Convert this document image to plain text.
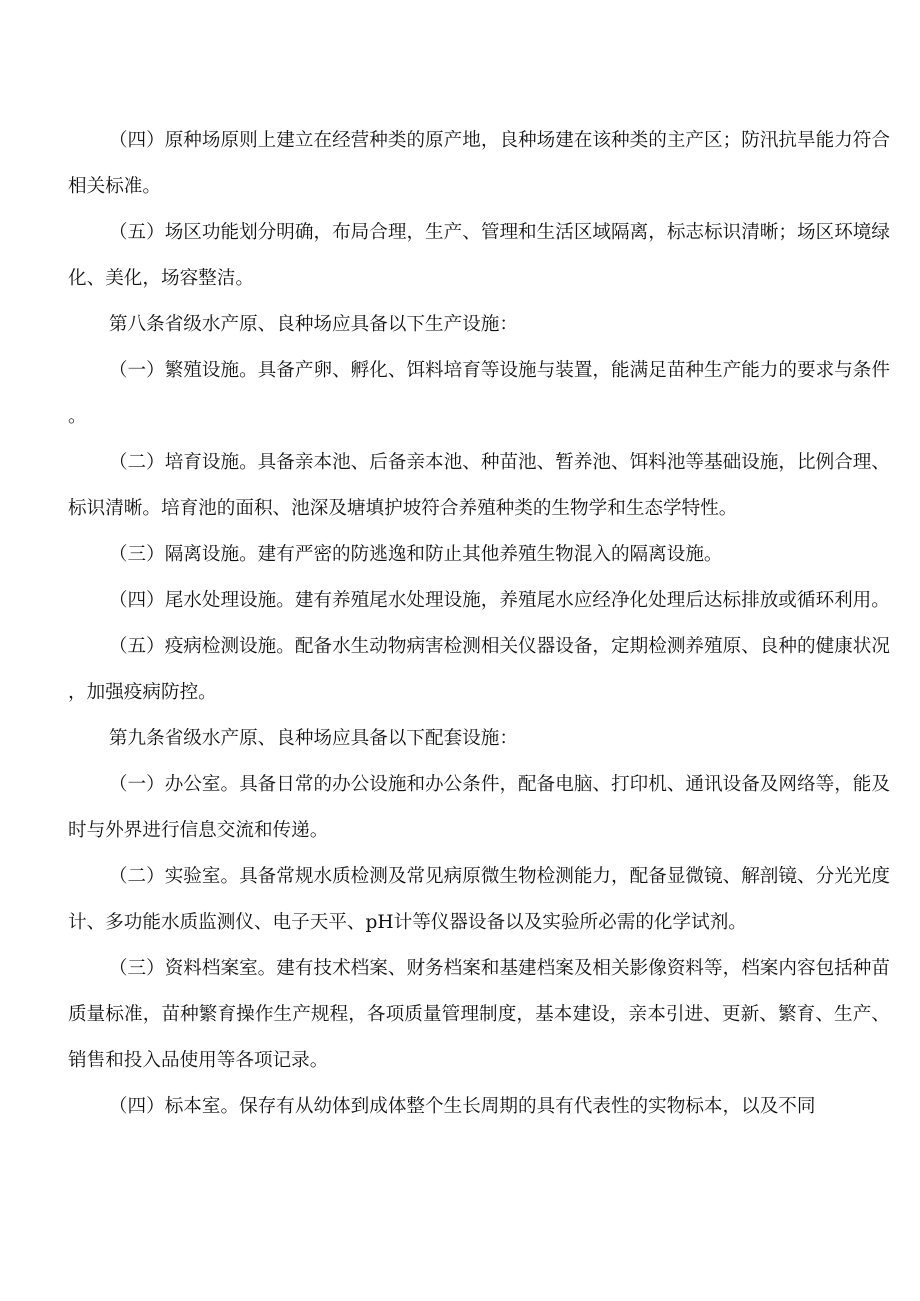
（四）原种场原则上建立在经营种类的原产地，良种场建在该种类的主产区；防汛抗旱能力符合相关标准。

（五）场区功能划分明确，布局合理，生产、管理和生活区域隔离，标志标识清晰；场区环境绿化、美化，场容整洁。

第八条省级水产原、良种场应具备以下生产设施：

（一）繁殖设施。具备产卵、孵化、饵料培育等设施与装置，能满足苗种生产能力的要求与条件。

（二）培育设施。具备亲本池、后备亲本池、种苗池、暂养池、饵料池等基础设施，比例合理、标识清晰。培育池的面积、池深及塘填护坡符合养殖种类的生物学和生态学特性。

（三）隔离设施。建有严密的防逃逸和防止其他养殖生物混入的隔离设施。

（四）尾水处理设施。建有养殖尾水处理设施，养殖尾水应经净化处理后达标排放或循环利用。

（五）疫病检测设施。配备水生动物病害检测相关仪器设备，定期检测养殖原、良种的健康状况，加强疫病防控。

第九条省级水产原、良种场应具备以下配套设施：

（一）办公室。具备日常的办公设施和办公条件，配备电脑、打印机、通讯设备及网络等，能及时与外界进行信息交流和传递。

（二）实验室。具备常规水质检测及常见病原微生物检测能力，配备显微镜、解剖镜、分光光度计、多功能水质监测仪、电子天平、pH计等仪器设备以及实验所必需的化学试剂。

（三）资料档案室。建有技术档案、财务档案和基建档案及相关影像资料等，档案内容包括种苗质量标准，苗种繁育操作生产规程，各项质量管理制度，基本建设，亲本引进、更新、繁育、生产、销售和投入品使用等各项记录。

（四）标本室。保存有从幼体到成体整个生长周期的具有代表性的实物标本，以及不同
